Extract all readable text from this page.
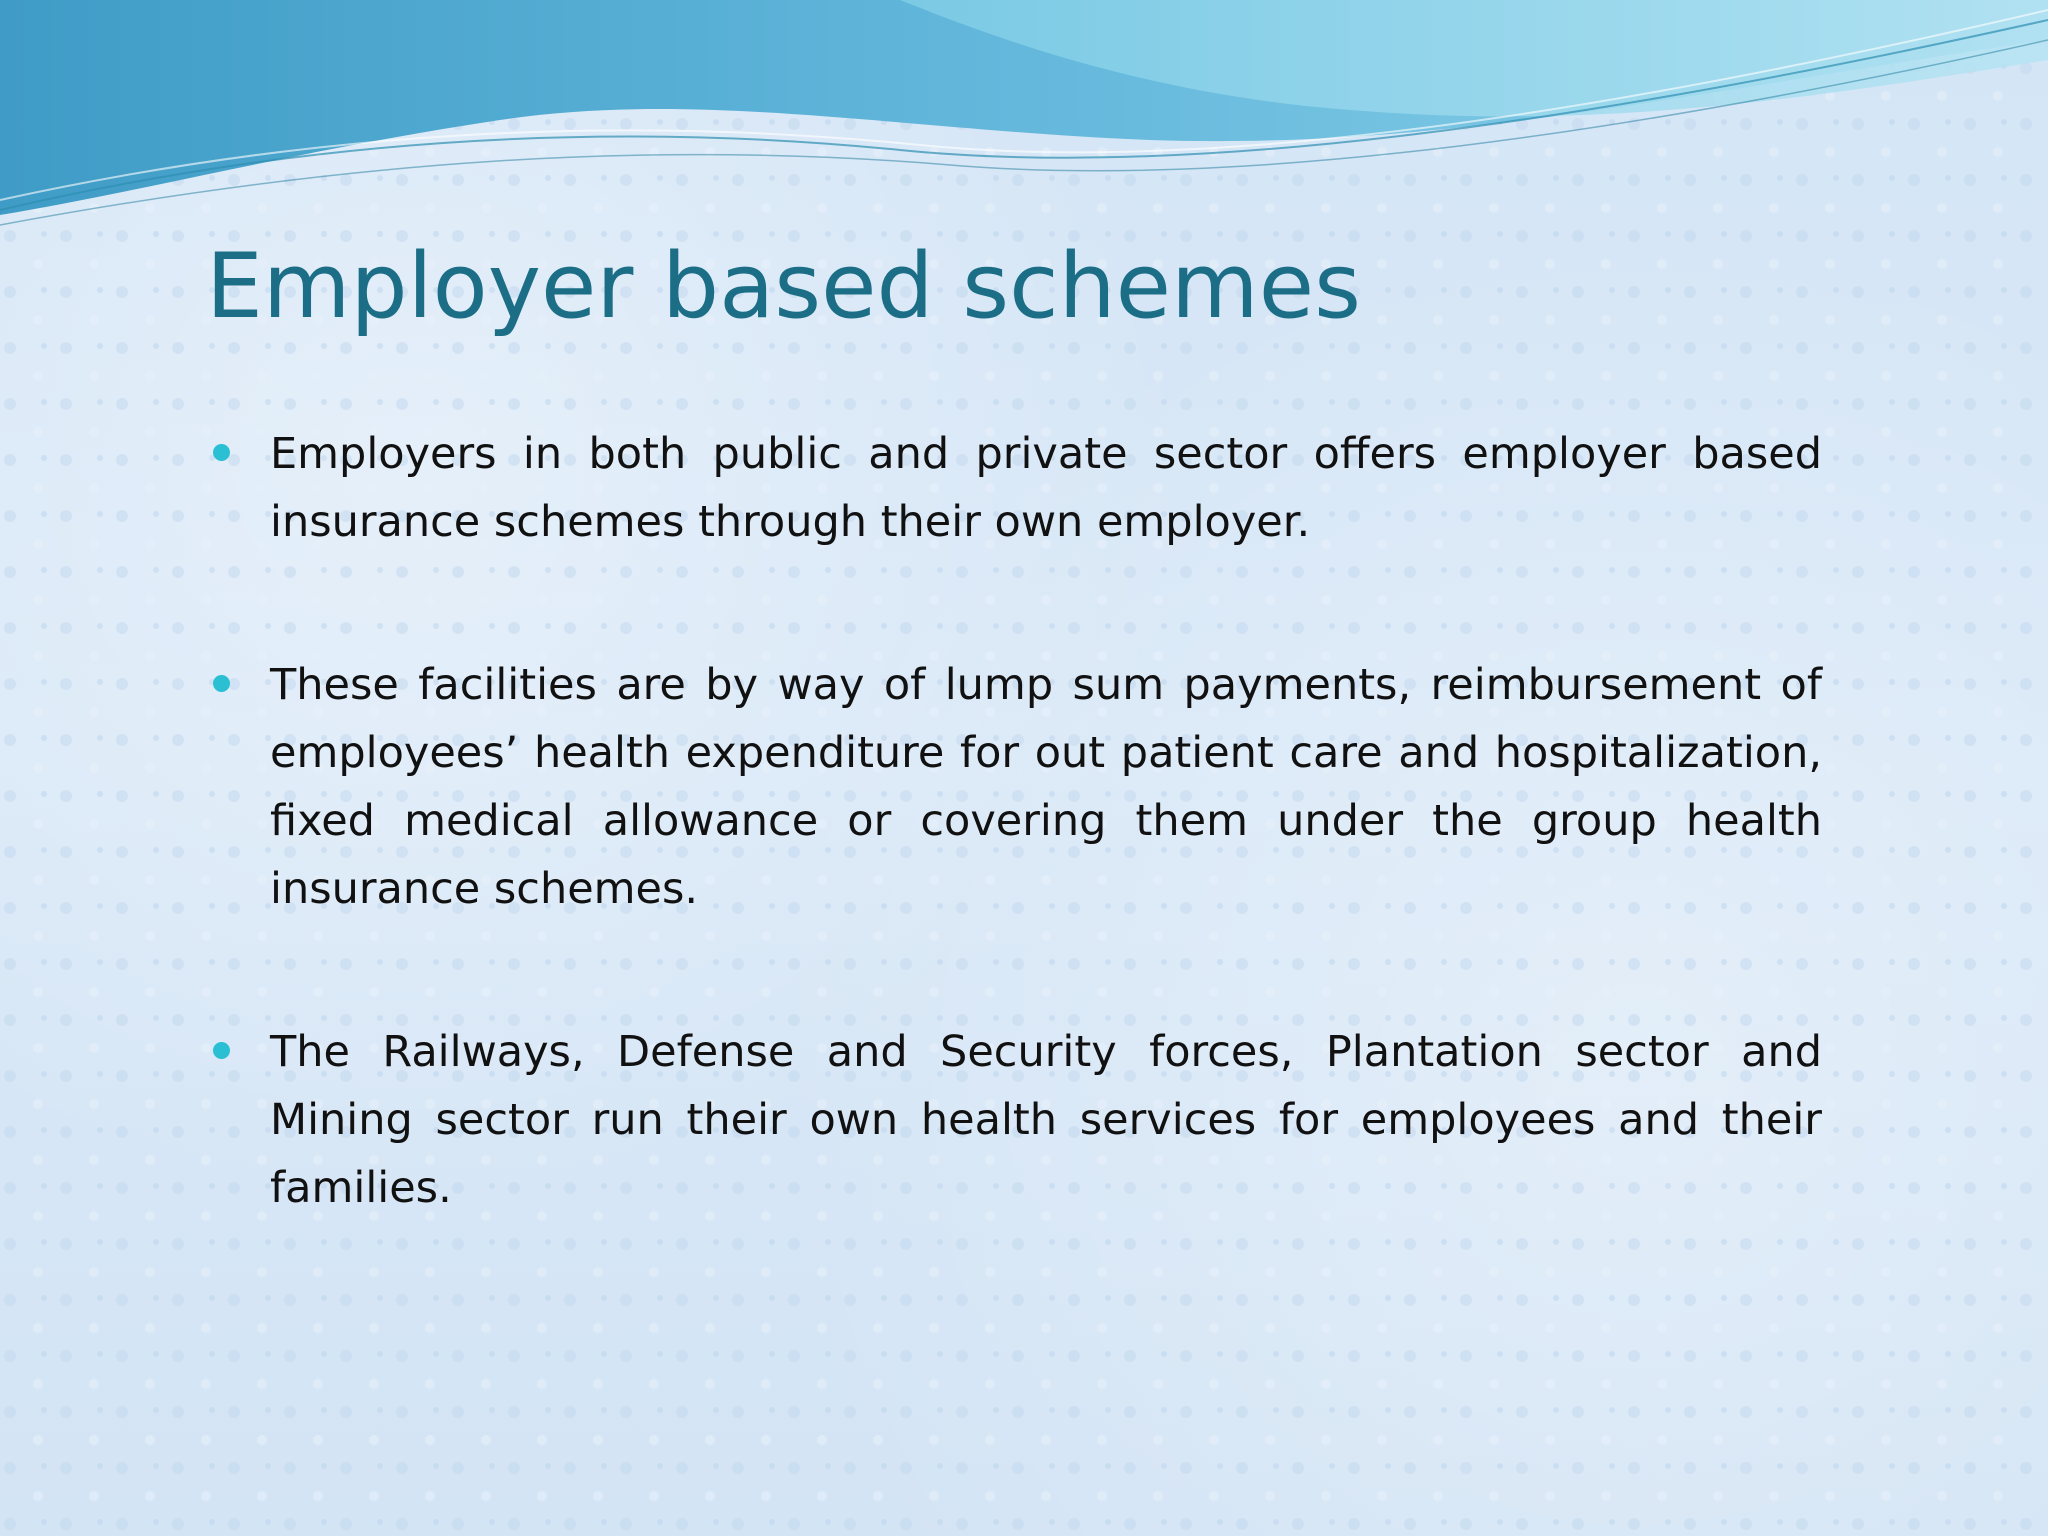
Employer based schemes
Employers in both public and private sector offers employer based insurance schemes through their own employer.
These facilities are by way of lump sum payments, reimbursement of employees’ health expenditure for out patient care and hospitalization, fixed medical allowance or covering them under the group health insurance schemes.
The Railways, Defense and Security forces, Plantation sector and Mining sector run their own health services for employees and their families.
